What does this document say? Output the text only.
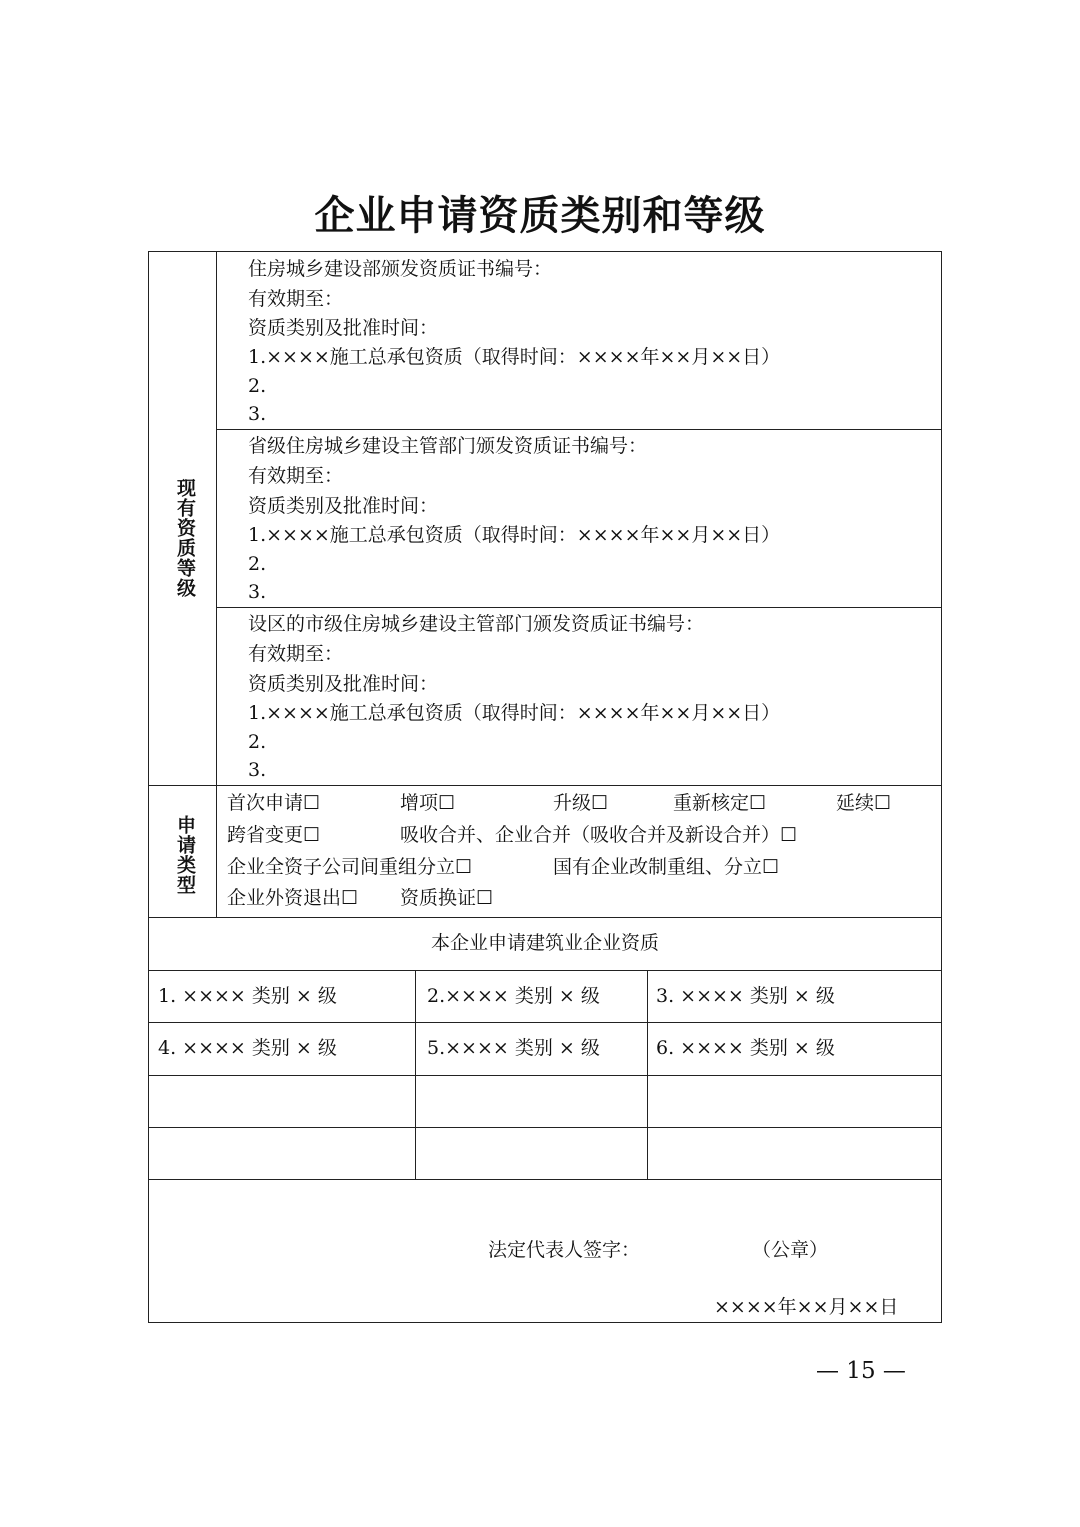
企业申请资质类别和等级
现有资质等级
住房城乡建设部颁发资质证书编号：
有效期至：
资质类别及批准时间：
1.××××施工总承包资质（取得时间：××××年××月××日）
2.
3.
省级住房城乡建设主管部门颁发资质证书编号：
有效期至：
资质类别及批准时间：
1.××××施工总承包资质（取得时间：××××年××月××日）
2.
3.
设区的市级住房城乡建设主管部门颁发资质证书编号：
有效期至：
资质类别及批准时间：
1.××××施工总承包资质（取得时间：××××年××月××日）
2.
3.
申请类型
首次申请☐	增项☐	升级☐	重新核定☐	延续☐
跨省变更☐	吸收合并、企业合并（吸收合并及新设合并）☐
企业全资子公司间重组分立☐	国有企业改制重组、分立☐
企业外资退出☐ 资质换证☐
本企业申请建筑业企业资质
1. ×××× 类别 × 级	2.×××× 类别 × 级	3. ×××× 类别 × 级
4. ×××× 类别 × 级	5.×××× 类别 × 级	6. ×××× 类别 × 级
法定代表人签字：	（公章）
××××年××月××日
— 15 —
